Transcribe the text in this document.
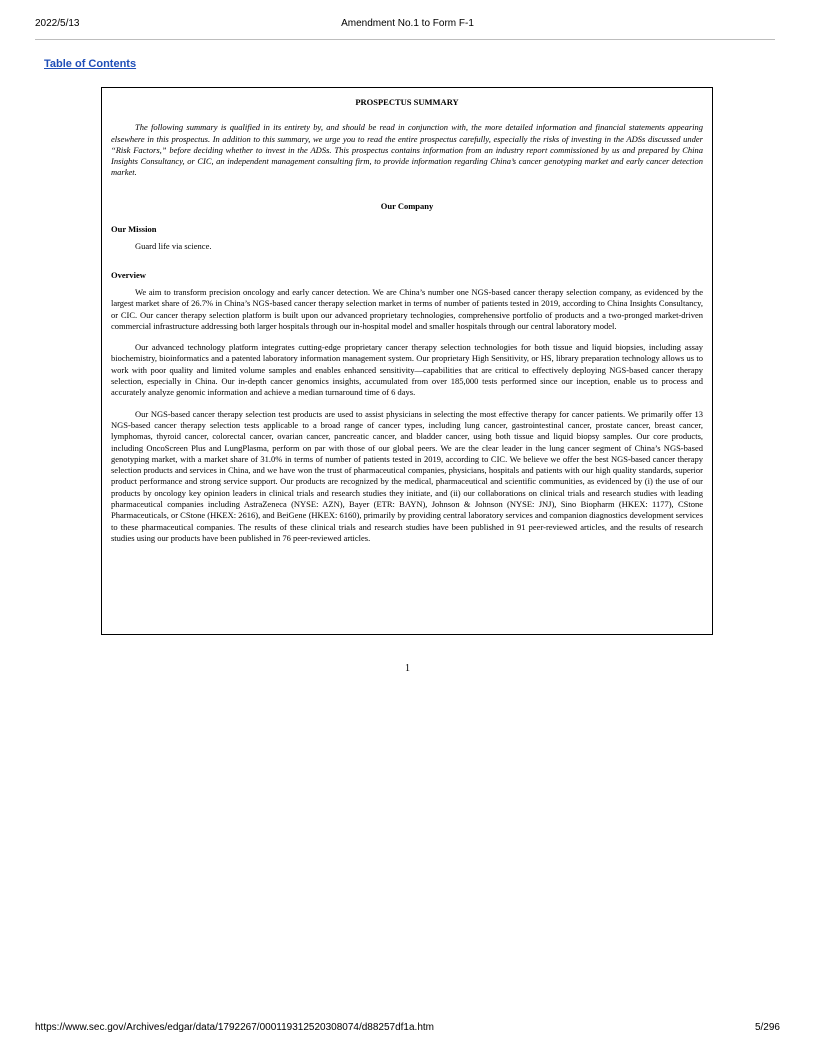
2022/5/13	Amendment No.1 to Form F-1
Table of Contents

PROSPECTUS SUMMARY

The following summary is qualified in its entirety by, and should be read in conjunction with, the more detailed information and financial statements appearing elsewhere in this prospectus. In addition to this summary, we urge you to read the entire prospectus carefully, especially the risks of investing in the ADSs discussed under “Risk Factors,” before deciding whether to invest in the ADSs. This prospectus contains information from an industry report commissioned by us and prepared by China Insights Consultancy, or CIC, an independent management consulting firm, to provide information regarding China’s cancer genotyping market and early cancer detection market.

Our Company

Our Mission

Guard life via science.

Overview

We aim to transform precision oncology and early cancer detection. We are China’s number one NGS-based cancer therapy selection company, as evidenced by the largest market share of 26.7% in China’s NGS-based cancer therapy selection market in terms of number of patients tested in 2019, according to China Insights Consultancy, or CIC. Our cancer therapy selection platform is built upon our advanced proprietary technologies, comprehensive portfolio of products and a two-pronged market-driven commercial infrastructure addressing both larger hospitals through our in-hospital model and smaller hospitals through our central laboratory model.

Our advanced technology platform integrates cutting-edge proprietary cancer therapy selection technologies for both tissue and liquid biopsies, including assay biochemistry, bioinformatics and a patented laboratory information management system. Our proprietary High Sensitivity, or HS, library preparation technology allows us to work with poor quality and limited volume samples and enables enhanced sensitivity—capabilities that are critical to effectively deploying NGS-based cancer therapy selection, especially in China. Our in-depth cancer genomics insights, accumulated from over 185,000 tests performed since our inception, enable us to process and accurately analyze genomic information and achieve a median turnaround time of 6 days.

Our NGS-based cancer therapy selection test products are used to assist physicians in selecting the most effective therapy for cancer patients. We primarily offer 13 NGS-based cancer therapy selection tests applicable to a broad range of cancer types, including lung cancer, gastrointestinal cancer, prostate cancer, breast cancer, lymphomas, thyroid cancer, colorectal cancer, ovarian cancer, pancreatic cancer, and bladder cancer, using both tissue and liquid biopsy samples. Our core products, including OncoScreen Plus and LungPlasma, perform on par with those of our global peers. We are the clear leader in the lung cancer segment of China’s NGS-based genotyping market, with a market share of 31.0% in terms of number of patients tested in 2019, according to CIC. We believe we offer the best NGS-based cancer therapy selection products and services in China, and we have won the trust of pharmaceutical companies, physicians, hospitals and patients with our high quality standards, superior product performance and strong service support. Our products are recognized by the medical, pharmaceutical and scientific communities, as evidenced by (i) the use of our products by oncology key opinion leaders in clinical trials and research studies they initiate, and (ii) our collaborations on clinical trials and research studies with leading pharmaceutical companies including AstraZeneca (NYSE: AZN), Bayer (ETR: BAYN), Johnson & Johnson (NYSE: JNJ), Sino Biopharm (HKEX: 1177), CStone Pharmaceuticals, or CStone (HKEX: 2616), and BeiGene (HKEX: 6160), primarily by providing central laboratory services and companion diagnostics development services to these pharmaceutical companies. The results of these clinical trials and research studies have been published in 91 peer-reviewed articles, and the results of research studies using our products have been published in 76 peer-reviewed articles.

1
https://www.sec.gov/Archives/edgar/data/1792267/000119312520308074/d88257df1a.htm	5/296
